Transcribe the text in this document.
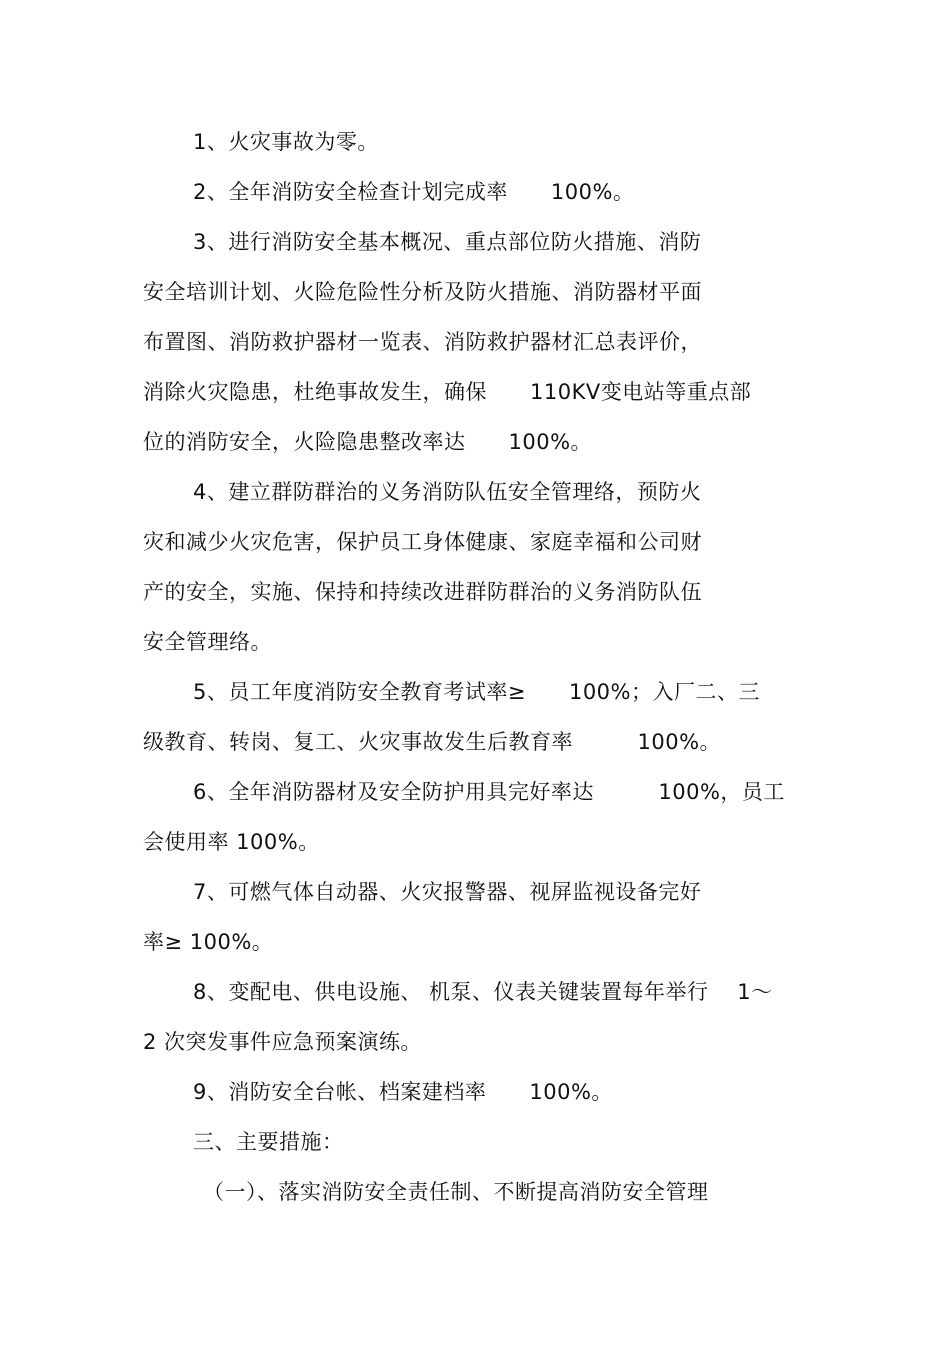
1、火灾事故为零。
2、全年消防安全检查计划完成率　　100%。
3、进行消防安全基本概况、重点部位防火措施、消防
安全培训计划、火险危险性分析及防火措施、消防器材平面
布置图、消防救护器材一览表、消防救护器材汇总表评价，
消除火灾隐患，杜绝事故发生，确保　　110KV变电站等重点部
位的消防安全，火险隐患整改率达　　100%。
4、建立群防群治的义务消防队伍安全管理络，预防火
灾和减少火灾危害，保护员工身体健康、家庭幸福和公司财
产的安全，实施、保持和持续改进群防群治的义务消防队伍
安全管理络。
5、员工年度消防安全教育考试率≥　　100%；入厂二、三
级教育、转岗、复工、火灾事故发生后教育率　　　100%。
6、全年消防器材及安全防护用具完好率达　　　100%，员工
会使用率 100%。
7、可燃气体自动器、火灾报警器、视屏监视设备完好
率≥ 100%。
8、变配电、供电设施、 机泵、仪表关键装置每年举行　 1～
2 次突发事件应急预案演练。
9、消防安全台帐、档案建档率　　100%。
三、主要措施：
（一）、落实消防安全责任制、不断提高消防安全管理
